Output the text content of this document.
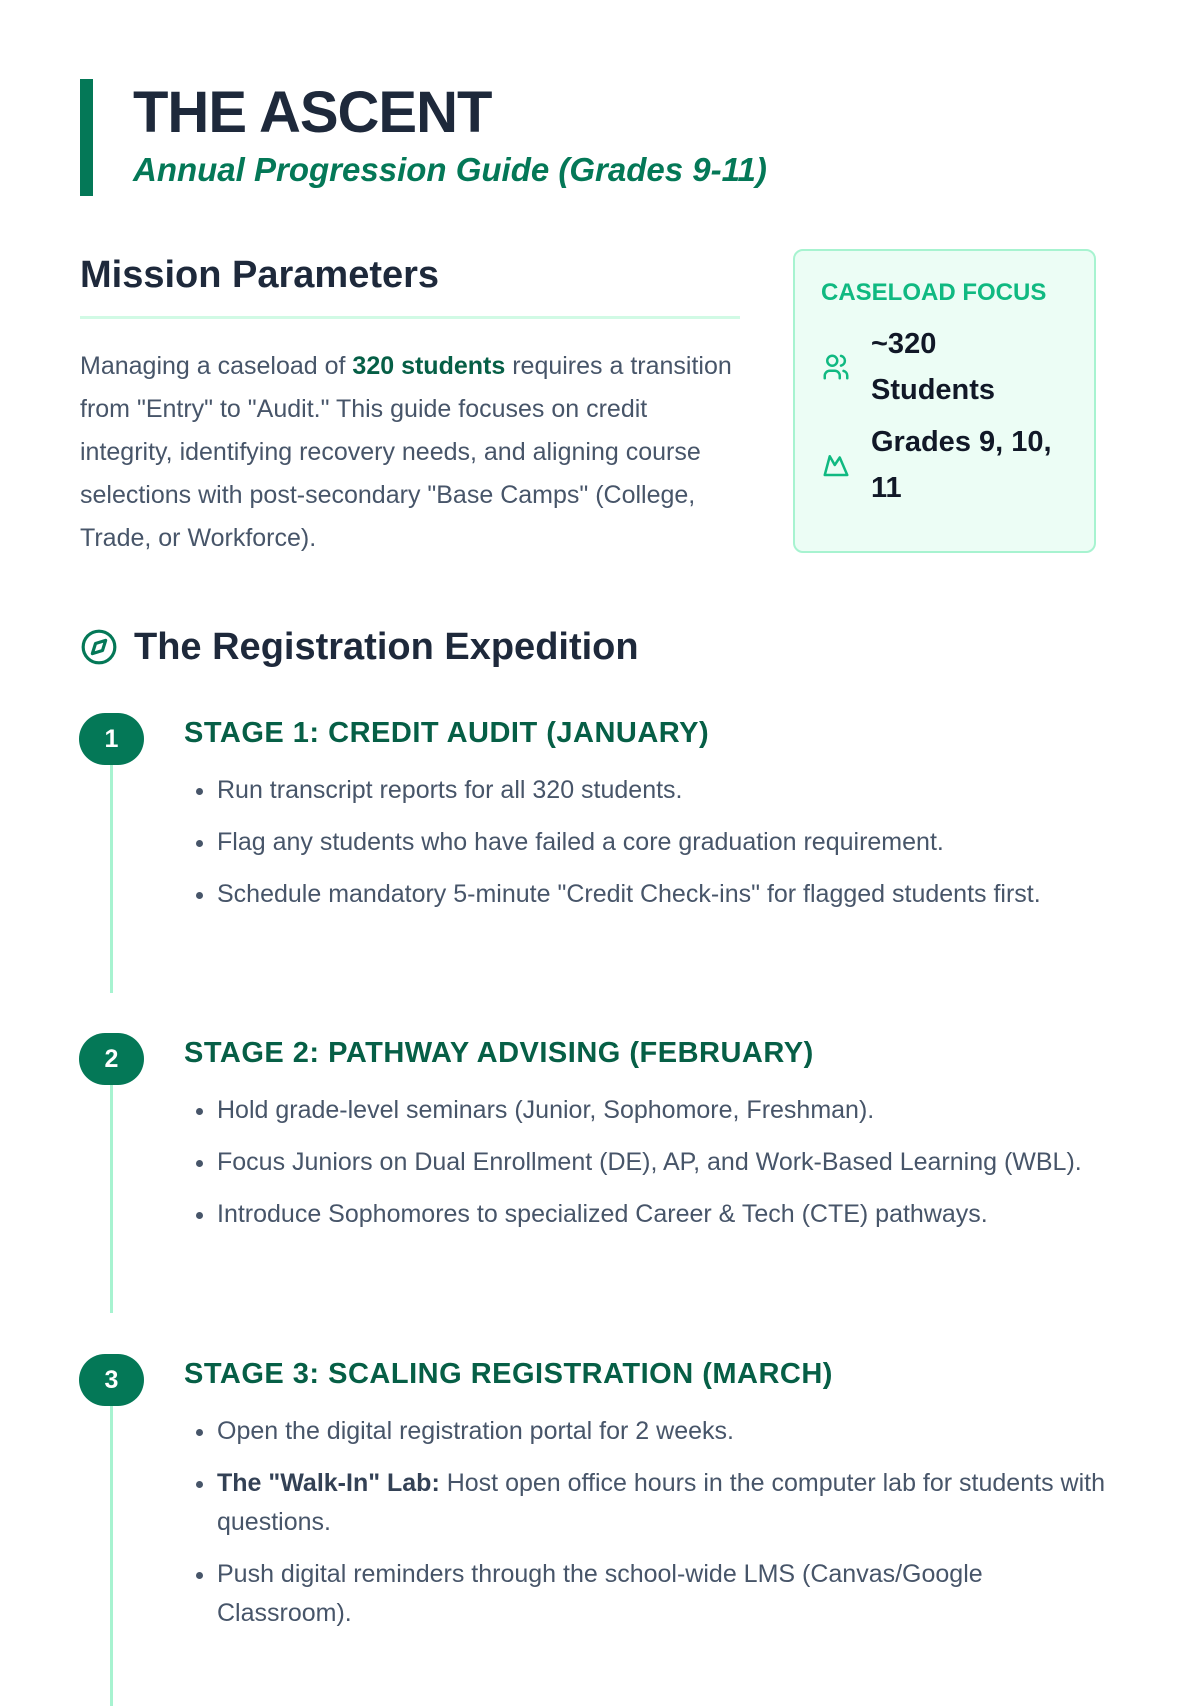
THE ASCENT
Annual Progression Guide (Grades 9-11)
Mission Parameters

Managing a caseload of 320 students requires a transition from "Entry" to "Audit." This guide focuses on credit integrity, identifying recovery needs, and aligning course selections with post-secondary "Base Camps" (College, Trade, or Workforce).

CASELOAD FOCUS
~320 Students
Grades 9, 10, 11
The Registration Expedition
1	STAGE 1: CREDIT AUDIT (JANUARY)
• Run transcript reports for all 320 students.
• Flag any students who have failed a core graduation requirement.
• Schedule mandatory 5-minute "Credit Check-ins" for flagged students first.
2	STAGE 2: PATHWAY ADVISING (FEBRUARY)
• Hold grade-level seminars (Junior, Sophomore, Freshman).
• Focus Juniors on Dual Enrollment (DE), AP, and Work-Based Learning (WBL).
• Introduce Sophomores to specialized Career & Tech (CTE) pathways.
3	STAGE 3: SCALING REGISTRATION (MARCH)
• Open the digital registration portal for 2 weeks.
• The "Walk-In" Lab: Host open office hours in the computer lab for students with questions.
• Push digital reminders through the school-wide LMS (Canvas/Google Classroom).
